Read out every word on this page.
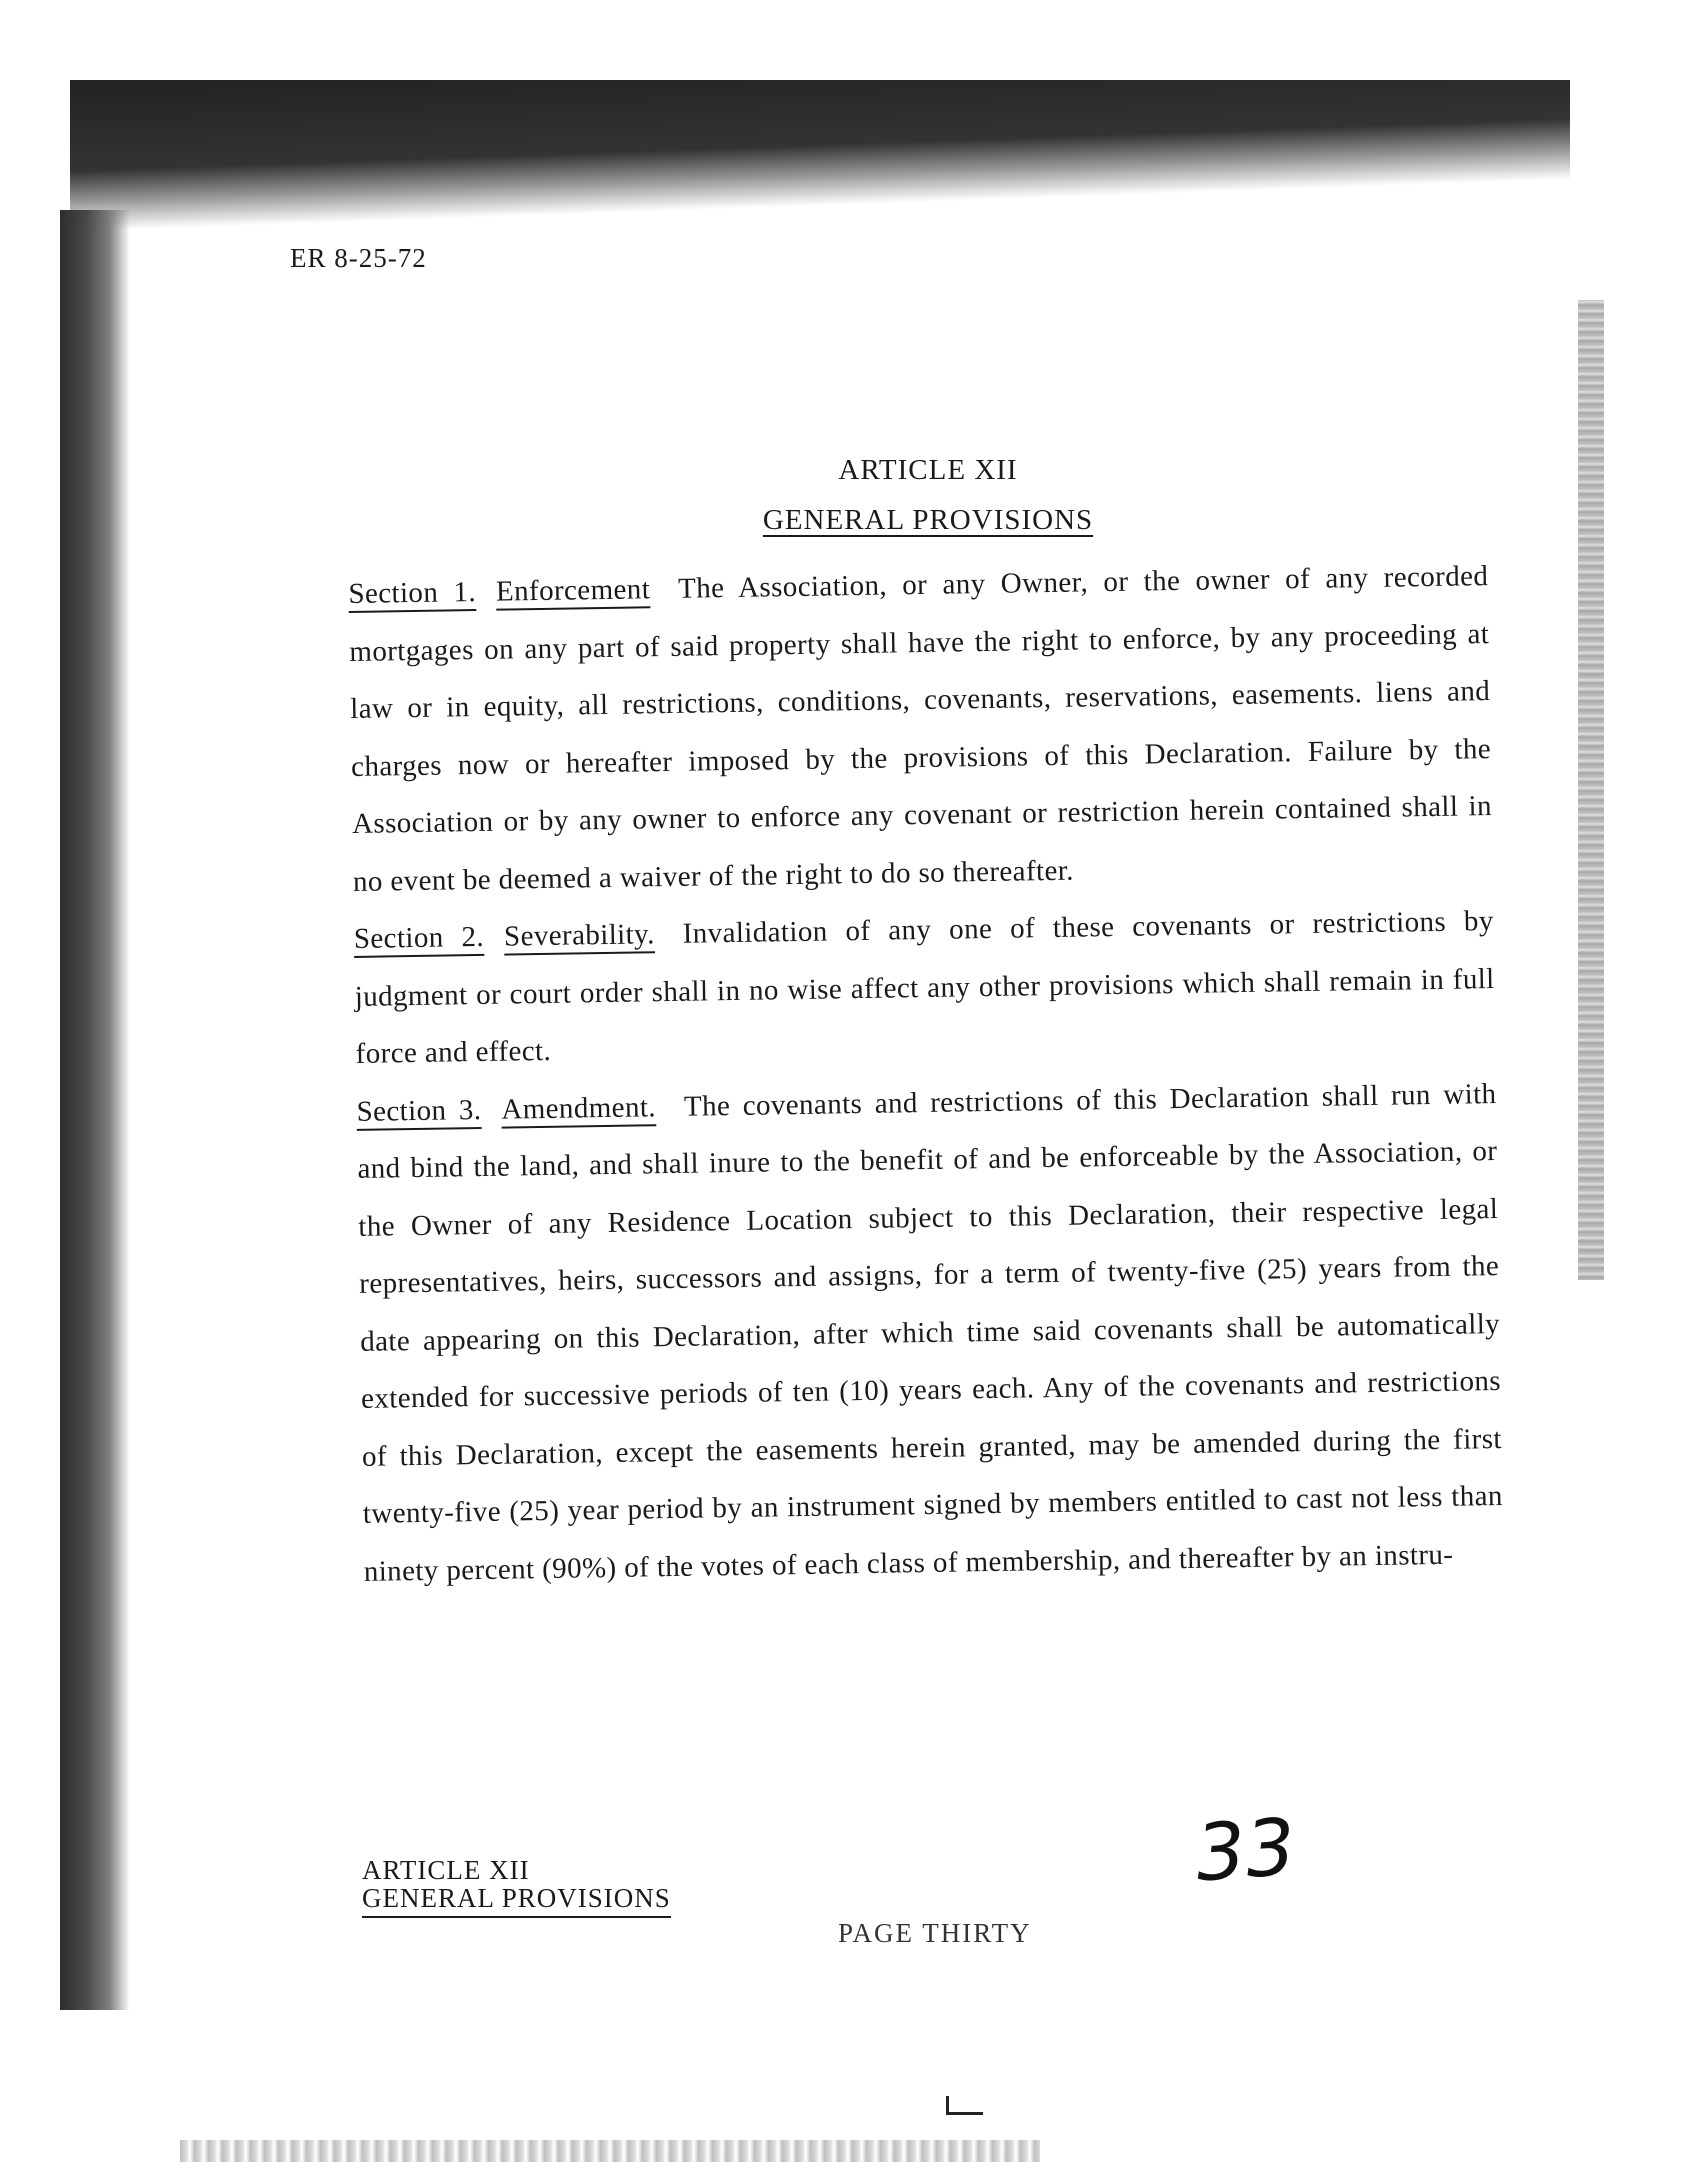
ER 8-25-72
ARTICLE XII
GENERAL PROVISIONS

Section 1. Enforcement The Association, or any Owner, or the owner of any recorded mortgages on any part of said property shall have the right to enforce, by any proceeding at law or in equity, all restrictions, conditions, covenants, reservations, easements. liens and charges now or hereafter imposed by the provisions of this Declaration. Failure by the Association or by any owner to enforce any covenant or restriction herein contained shall in no event be deemed a waiver of the right to do so thereafter.

Section 2. Severability. Invalidation of any one of these covenants or restrictions by judgment or court order shall in no wise affect any other provisions which shall remain in full force and effect.

Section 3. Amendment. The covenants and restrictions of this Declaration shall run with and bind the land, and shall inure to the benefit of and be enforceable by the Association, or the Owner of any Residence Location subject to this Declaration, their respective legal representatives, heirs, successors and assigns, for a term of twenty-five (25) years from the date appearing on this Declaration, after which time said covenants shall be automatically extended for successive periods of ten (10) years each. Any of the covenants and restrictions of this Declaration, except the easements herein granted, may be amended during the first twenty-five (25) year period by an instrument signed by members entitled to cast not less than ninety percent (90%) of the votes of each class of membership, and thereafter by an instru-

ARTICLE XII
GENERAL PROVISIONS
PAGE THIRTY
33
